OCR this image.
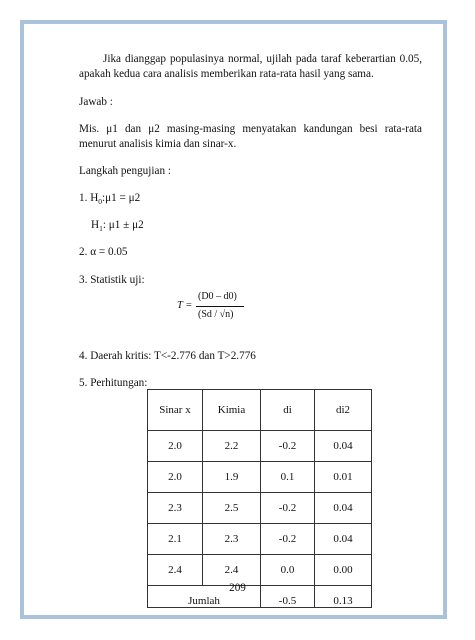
Jika dianggap populasinya normal, ujilah pada taraf keberartian 0.05, apakah kedua cara analisis memberikan rata-rata hasil yang sama.

Jawab :

Mis. μ1 dan μ2 masing-masing menyatakan kandungan besi rata-rata menurut analisis kimia dan sinar-x.

Langkah pengujian :

1. $H_0:\mu 1 = \mu 2$

$H_1$: μ1 ± μ2

2. α = 0.05

3. Statistik uji:

4. Daerah kritis: T<-2.776 dan T>2.776

5. Perhitungan:

T =
(D0 – d0)
(Sd / √n)
Sinar x	Kimia	di	di2
2.0	2.2	-0.2	0.04
2.0	1.9	0.1	0.01
2.3	2.5	-0.2	0.04
2.1	2.3	-0.2	0.04
2.4	2.4	0.0	0.00
Jumlah		-0.5	0.13
209
